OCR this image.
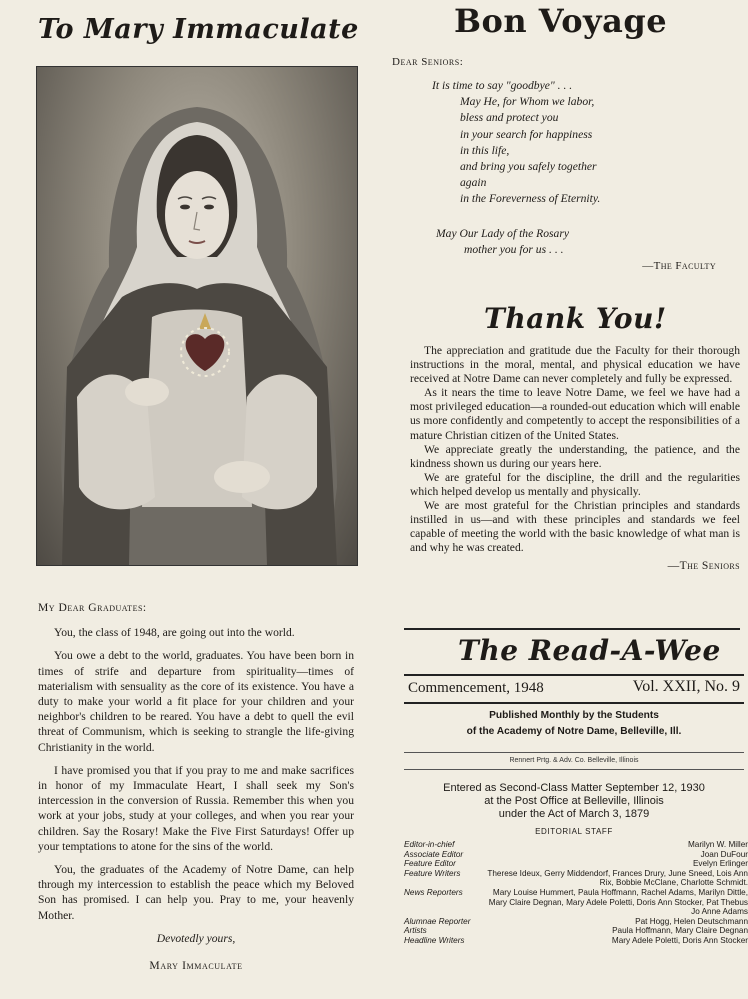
To Mary Immaculate
My Dear Graduates:

You, the class of 1948, are going out into the world.

You owe a debt to the world, graduates. You have been born in times of strife and departure from spirituality—times of materialism with sensuality as the core of its existence. You have a duty to make your world a fit place for your children and your neighbor's children to be reared. You have a debt to quell the evil threat of Communism, which is seeking to strangle the life-giving Christianity in the world.

I have promised you that if you pray to me and make sacrifices in honor of my Immaculate Heart, I shall seek my Son's intercession in the conversion of Russia. Remember this when you work at your jobs, study at your colleges, and when you rear your children. Say the Rosary! Make the Five First Saturdays! Offer up your temptations to atone for the sins of the world.

You, the graduates of the Academy of Notre Dame, can help through my intercession to establish the peace which my Beloved Son has promised. I can help you. Pray to me, your heavenly Mother.

Devotedly yours,
Mary Immaculate
Bon Voyage
Dear Seniors:
It is time to say "goodbye" . . .
May He, for Whom we labor,
bless and protect you
in your search for happiness
in this life,
and bring you safely together
again
in the Foreverness of Eternity.
May Our Lady of the Rosary
mother you for us . . .
—The Faculty
Thank You!

The appreciation and gratitude due the Faculty for their thorough instructions in the moral, mental, and physical education we have received at Notre Dame can never completely and fully be expressed.

As it nears the time to leave Notre Dame, we feel we have had a most privileged education—a rounded-out education which will enable us more confidently and competently to accept the responsibilities of a mature Christian citizen of the United States.

We appreciate greatly the understanding, the patience, and the kindness shown us during our years here.

We are grateful for the discipline, the drill and the regularities which helped develop us mentally and physically.

We are most grateful for the Christian principles and standards instilled in us—and with these principles and standards we feel capable of meeting the world with the basic knowledge of what man is and why he was created.

—The Seniors
The Read-A-Wee
Commencement, 1948	Vol. XXII, No. 9
Published Monthly by the Students
of the Academy of Notre Dame, Belleville, Ill.
Rennert Prtg. & Adv. Co. Belleville, Illinois
Entered as Second-Class Matter September 12, 1930
at the Post Office at Belleville, Illinois
under the Act of March 3, 1879
EDITORIAL STAFF
Editor-in-chief	Marilyn W. Miller
Associate Editor	Joan DuFour
Feature Editor	Evelyn Erlinger
Feature Writers	Therese Ideux, Gerry Middendorf, Frances Drury, June Sneed, Lois Ann Rix, Bobbie McClane, Charlotte Schmidt.
News Reporters	Mary Louise Hummert, Paula Hoffmann, Rachel Adams, Marilyn Dittle, Mary Claire Degnan, Mary Adele Poletti, Doris Ann Stocker, Pat Thebus
Jo Anne Adams
Alumnae Reporter	Pat Hogg, Helen Deutschmann
Artists	Paula Hoffmann, Mary Claire Degnan
Headline Writers	Mary Adele Poletti, Doris Ann Stocker
